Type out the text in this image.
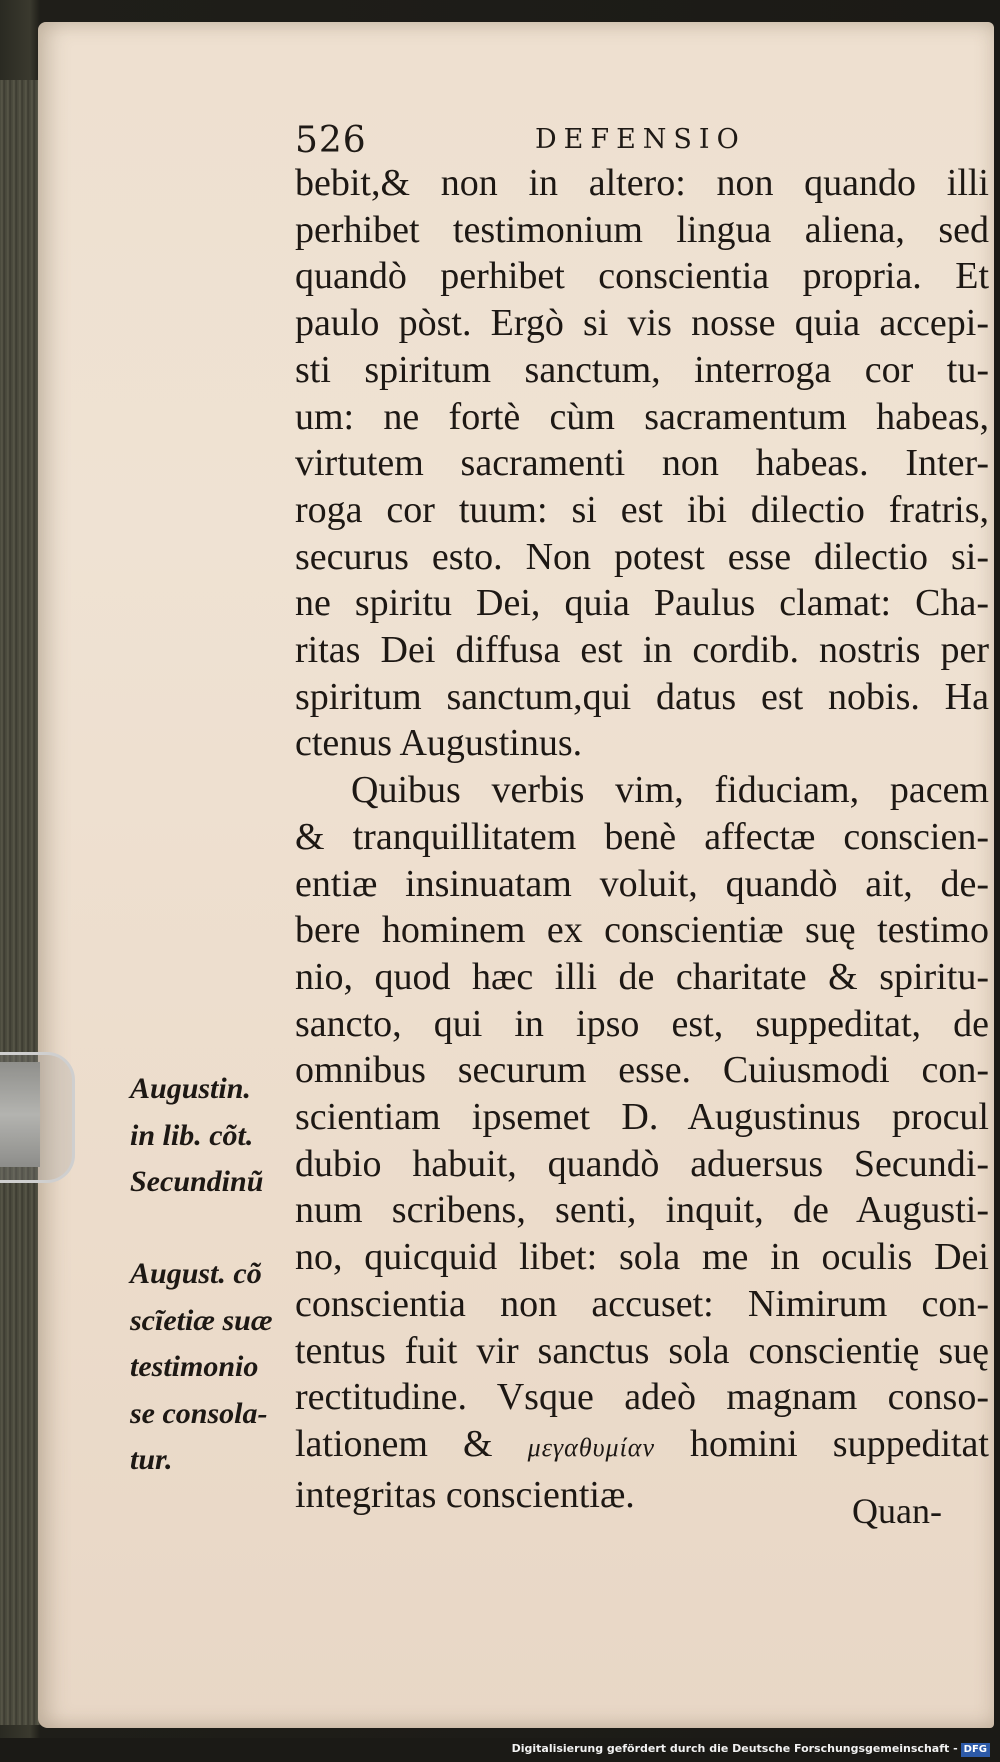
526	DEFENSIO
bebit,& non in altero: non quando illi
perhibet testimonium lingua aliena, sed
quandò perhibet conscientia propria. Et
paulo pòst. Ergò si vis nosse quia accepi-
sti spiritum sanctum, interroga cor tu-
um: ne fortè cùm sacramentum habeas,
virtutem sacramenti non habeas. Inter-
roga cor tuum: si est ibi dilectio fratris,
securus esto. Non potest esse dilectio si-
ne spiritu Dei, quia Paulus clamat: Cha-
ritas Dei diffusa est in cordib. nostris per
spiritum sanctum,qui datus est nobis. Ha
ctenus Augustinus.
Quibus verbis vim, fiduciam, pacem
& tranquillitatem benè affectæ conscien-
entiæ insinuatam voluit, quandò ait, de-
bere hominem ex conscientiæ suę testimo
nio, quod hæc illi de charitate & spiritu-
sancto, qui in ipso est, suppeditat, de
omnibus securum esse. Cuiusmodi con-
scientiam ipsemet D. Augustinus procul
dubio habuit, quandò aduersus Secundi-
num scribens, senti, inquit, de Augusti-
no, quicquid libet: sola me in oculis Dei
conscientia non accuset: Nimirum con-
tentus fuit vir sanctus sola conscientię suę
rectitudine. Vsque adeò magnam conso-
lationem & μεγαθυμίαν homini suppeditat
integritas conscientiæ.	Quan-
Augustin.
in lib. cõt.
Secundinũ
August. cõ
scĩetiæ suæ
testimonio
se consola-
tur.
Digitalisierung gefördert durch die Deutsche Forschungsgemeinschaft - DFG
